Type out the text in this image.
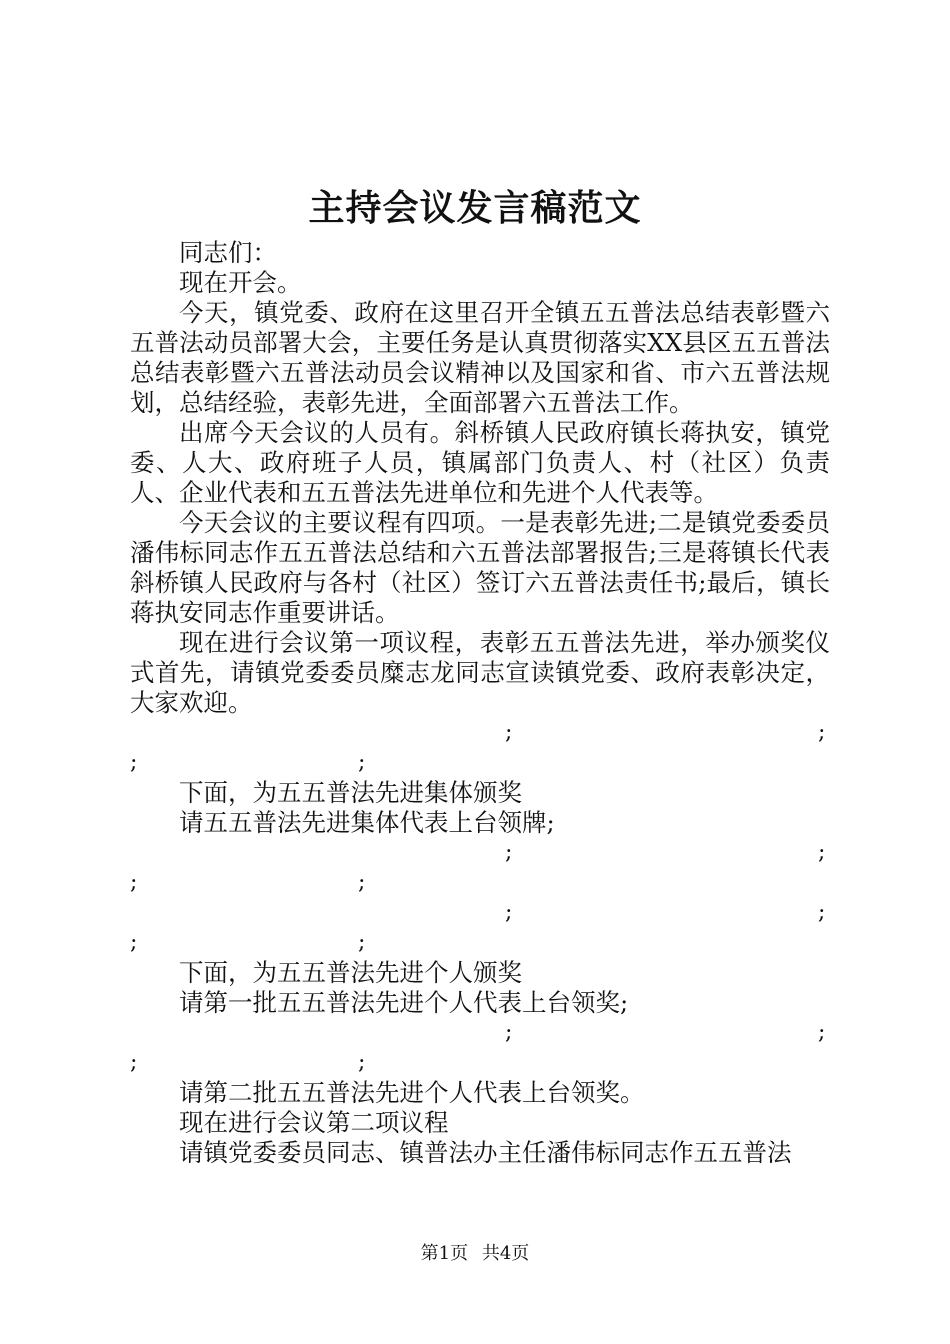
主持会议发言稿范文

同志们：

现在开会。

今天，镇党委、政府在这里召开全镇五五普法总结表彰暨六五普法动员部署大会，主要任务是认真贯彻落实XX县区五五普法总结表彰暨六五普法动员会议精神以及国家和省、市六五普法规划，总结经验，表彰先进，全面部署六五普法工作。

出席今天会议的人员有。斜桥镇人民政府镇长蒋执安，镇党委、人大、政府班子人员，镇属部门负责人、村（社区）负责人、企业代表和五五普法先进单位和先进个人代表等。

今天会议的主要议程有四项。一是表彰先进;二是镇党委委员潘伟标同志作五五普法总结和六五普法部署报告;三是蒋镇长代表斜桥镇人民政府与各村（社区）签订六五普法责任书;最后，镇长蒋执安同志作重要讲话。

现在进行会议第一项议程，表彰五五普法先进，举办颁奖仪式首先，请镇党委委员糜志龙同志宣读镇党委、政府表彰决定，大家欢迎。

;	;
;	;

下面，为五五普法先进集体颁奖

请五五普法先进集体代表上台领牌;

;	;
;	;
;	;
;	;

下面，为五五普法先进个人颁奖

请第一批五五普法先进个人代表上台领奖;

;	;
;	;

请第二批五五普法先进个人代表上台领奖。

现在进行会议第二项议程

请镇党委委员同志、镇普法办主任潘伟标同志作五五普法

第1页 共4页
